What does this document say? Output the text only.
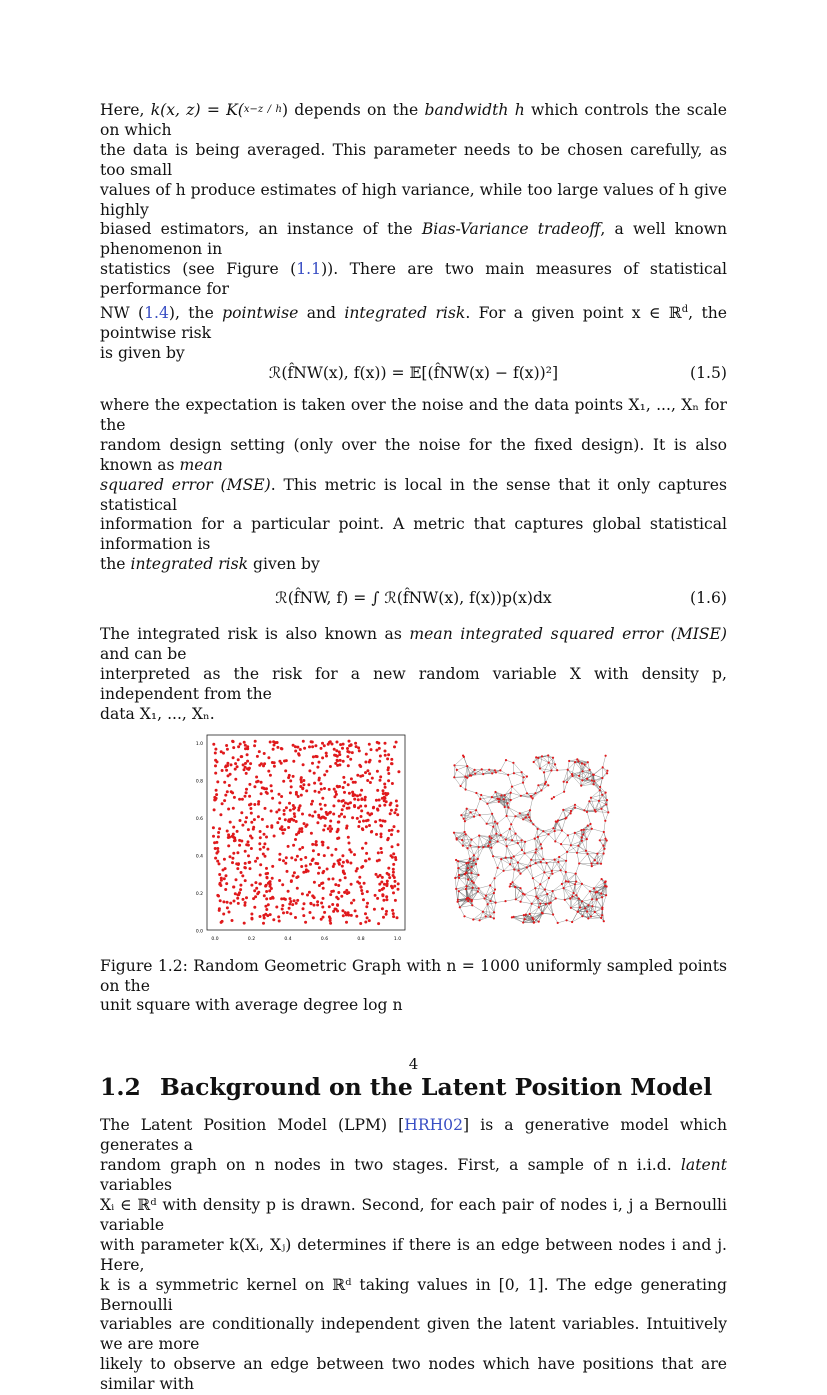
Here, k(x, z) = K(x−z / h) depends on the bandwidth h which controls the scale on which
the data is being averaged. This parameter needs to be chosen carefully, as too small
values of h produce estimates of high variance, while too large values of h give highly
biased estimators, an instance of the Bias-Variance tradeoff, a well known phenomenon in
statistics (see Figure (1.1)). There are two main measures of statistical performance for
NW (1.4), the pointwise and integrated risk. For a given point x ∈ ℝ$^d$, the pointwise risk
is given by

ℛ(f̂NW(x), f(x)) = 𝔼[(f̂NW(x) − f(x))²]	(1.5)

where the expectation is taken over the noise and the data points X₁, ..., Xₙ for the
random design setting (only over the noise for the fixed design). It is also known as mean
squared error (MSE). This metric is local in the sense that it only captures statistical
information for a particular point. A metric that captures global statistical information is
the integrated risk given by

ℛ(f̂NW, f) = ∫ ℛ(f̂NW(x), f(x))p(x)dx	(1.6)

The integrated risk is also known as mean integrated squared error (MISE) and can be
interpreted as the risk for a new random variable X with density p, independent from the
data X₁, ..., Xₙ.

1.0
0.8
0.6
0.4
0.2
0.0
0.0	0.2	0.4	0.6	0.8	1.0

Figure 1.2: Random Geometric Graph with n = 1000 uniformly sampled points on the
unit square with average degree log n

1.2 Background on the Latent Position Model

The Latent Position Model (LPM) [HRH02] is a generative model which generates a
random graph on n nodes in two stages. First, a sample of n i.i.d. latent variables
Xᵢ ∈ ℝᵈ with density p is drawn. Second, for each pair of nodes i, j a Bernoulli variable
with parameter k(Xᵢ, Xⱼ) determines if there is an edge between nodes i and j. Here,
k is a symmetric kernel on ℝᵈ taking values in [0, 1]. The edge generating Bernoulli
variables are conditionally independent given the latent variables. Intuitively we are more
likely to observe an edge between two nodes which have positions that are similar with

4
